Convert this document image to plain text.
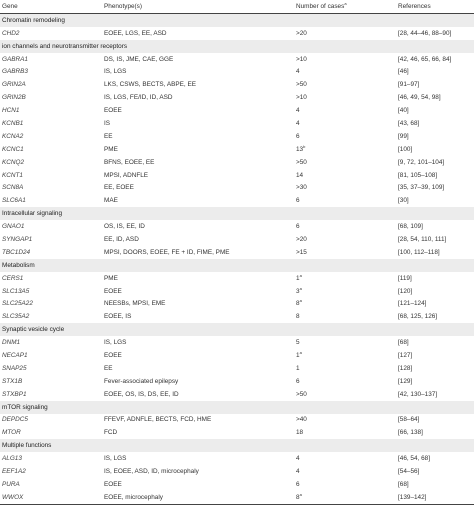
Gene	Phenotype(s)	Number of cases$^a$	References
Chromatin remodeling			
CHD2	EOEE, LGS, EE, ASD	>20	[28, 44–46, 88–90]
ion channels and neurotransmitter receptors			
GABRA1	DS, IS, JME, CAE, GGE	>10	[42, 46, 65, 66, 84]
GABRB3	IS, LGS	4	[46]
GRIN2A	LKS, CSWS, BECTS, ABPE, EE	>50	[91–97]
GRIN2B	IS, LGS, FE/ID, ID, ASD	>10	[46, 49, 54, 98]
HCN1	EOEE	4	[40]
KCNB1	IS	4	[43, 68]
KCNA2	EE	6	[99]
KCNC1	PME	13$^b$	[100]
KCNQ2	BFNS, EOEE, EE	>50	[9, 72, 101–104]
KCNT1	MPSI, ADNFLE	14	[81, 105–108]
SCN8A	EE, EOEE	>30	[35, 37–39, 109]
SLC6A1	MAE	6	[30]
Intracellular signaling			
GNAO1	OS, IS, EE, ID	6	[68, 109]
SYNGAP1	EE, ID, ASD	>20	[28, 54, 110, 111]
TBC1D24	MPSI, DOORS, EOEE, FE + ID, FIME, PME	>15	[100, 112–118]
Metabolism			
CERS1	PME	1$^a$	[119]
SLC13A5	EOEE	3$^a$	[120]
SLC25A22	NEESBs, MPSI, EME	8$^a$	[121–124]
SLC35A2	EOEE, IS	8	[68, 125, 126]
Synaptic vesicle cycle			
DNM1	IS, LGS	5	[68]
NECAP1	EOEE	1$^a$	[127]
SNAP25	EE	1	[128]
STX1B	Fever-associated epilepsy	6	[129]
STXBP1	EOEE, OS, IS, DS, EE, ID	>50	[42, 130–137]
mTOR signaling			
DEPDC5	FFEVF, ADNFLE, BECTS, FCD, HME	>40	[58–64]
MTOR	FCD	18	[66, 138]
Multiple functions			
ALG13	IS, LGS	4	[46, 54, 68]
EEF1A2	IS, EOEE, ASD, ID, microcephaly	4	[54–56]
PURA	EOEE	6	[68]
WWOX	EOEE, microcephaly	8$^a$	[139–142]
